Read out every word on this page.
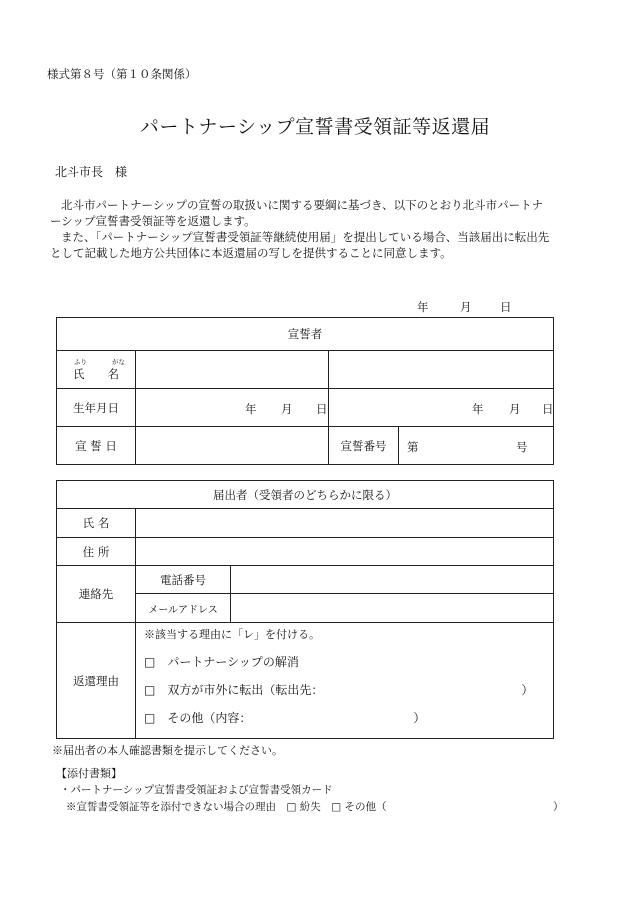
様式第８号（第１０条関係）
パートナーシップ宣誓書受領証等返還届
北斗市長　様

北斗市パートナーシップの宣誓の取扱いに関する要綱に基づき、以下のとおり北斗市パートナーシップ宣誓書受領証等を返還します。

また、「パートナーシップ宣誓書受領証等継続使用届」を提出している場合、当該届出に転出先として記載した地方公共団体に本返還届の写しを提供することに同意します。

年	月 日
宣誓者			

ふり がな
氏　　名			
生年月日	年 月 日	年 月 日	

宣 誓 日		宣誓番号	第 号
届出者（受領者のどちらかに限る）		
氏 名		
住 所		
連絡先	電話番号	
	メールアドレス	
返還理由	※該当する理由に「レ」を付ける。
□　パートナーシップの解消
□　双方が市外に転出（転出先：　　　　　　　　　　　　　　　　　）
□　その他（内容：　　　　　　　　　　　　　　）	
※届出者の本人確認書類を提示してください。
【添付書類】
・パートナーシップ宣誓書受領証および宣誓書受領カード
※宣誓書受領証等を添付できない場合の理由　□ 紛失　□ その他（	）
